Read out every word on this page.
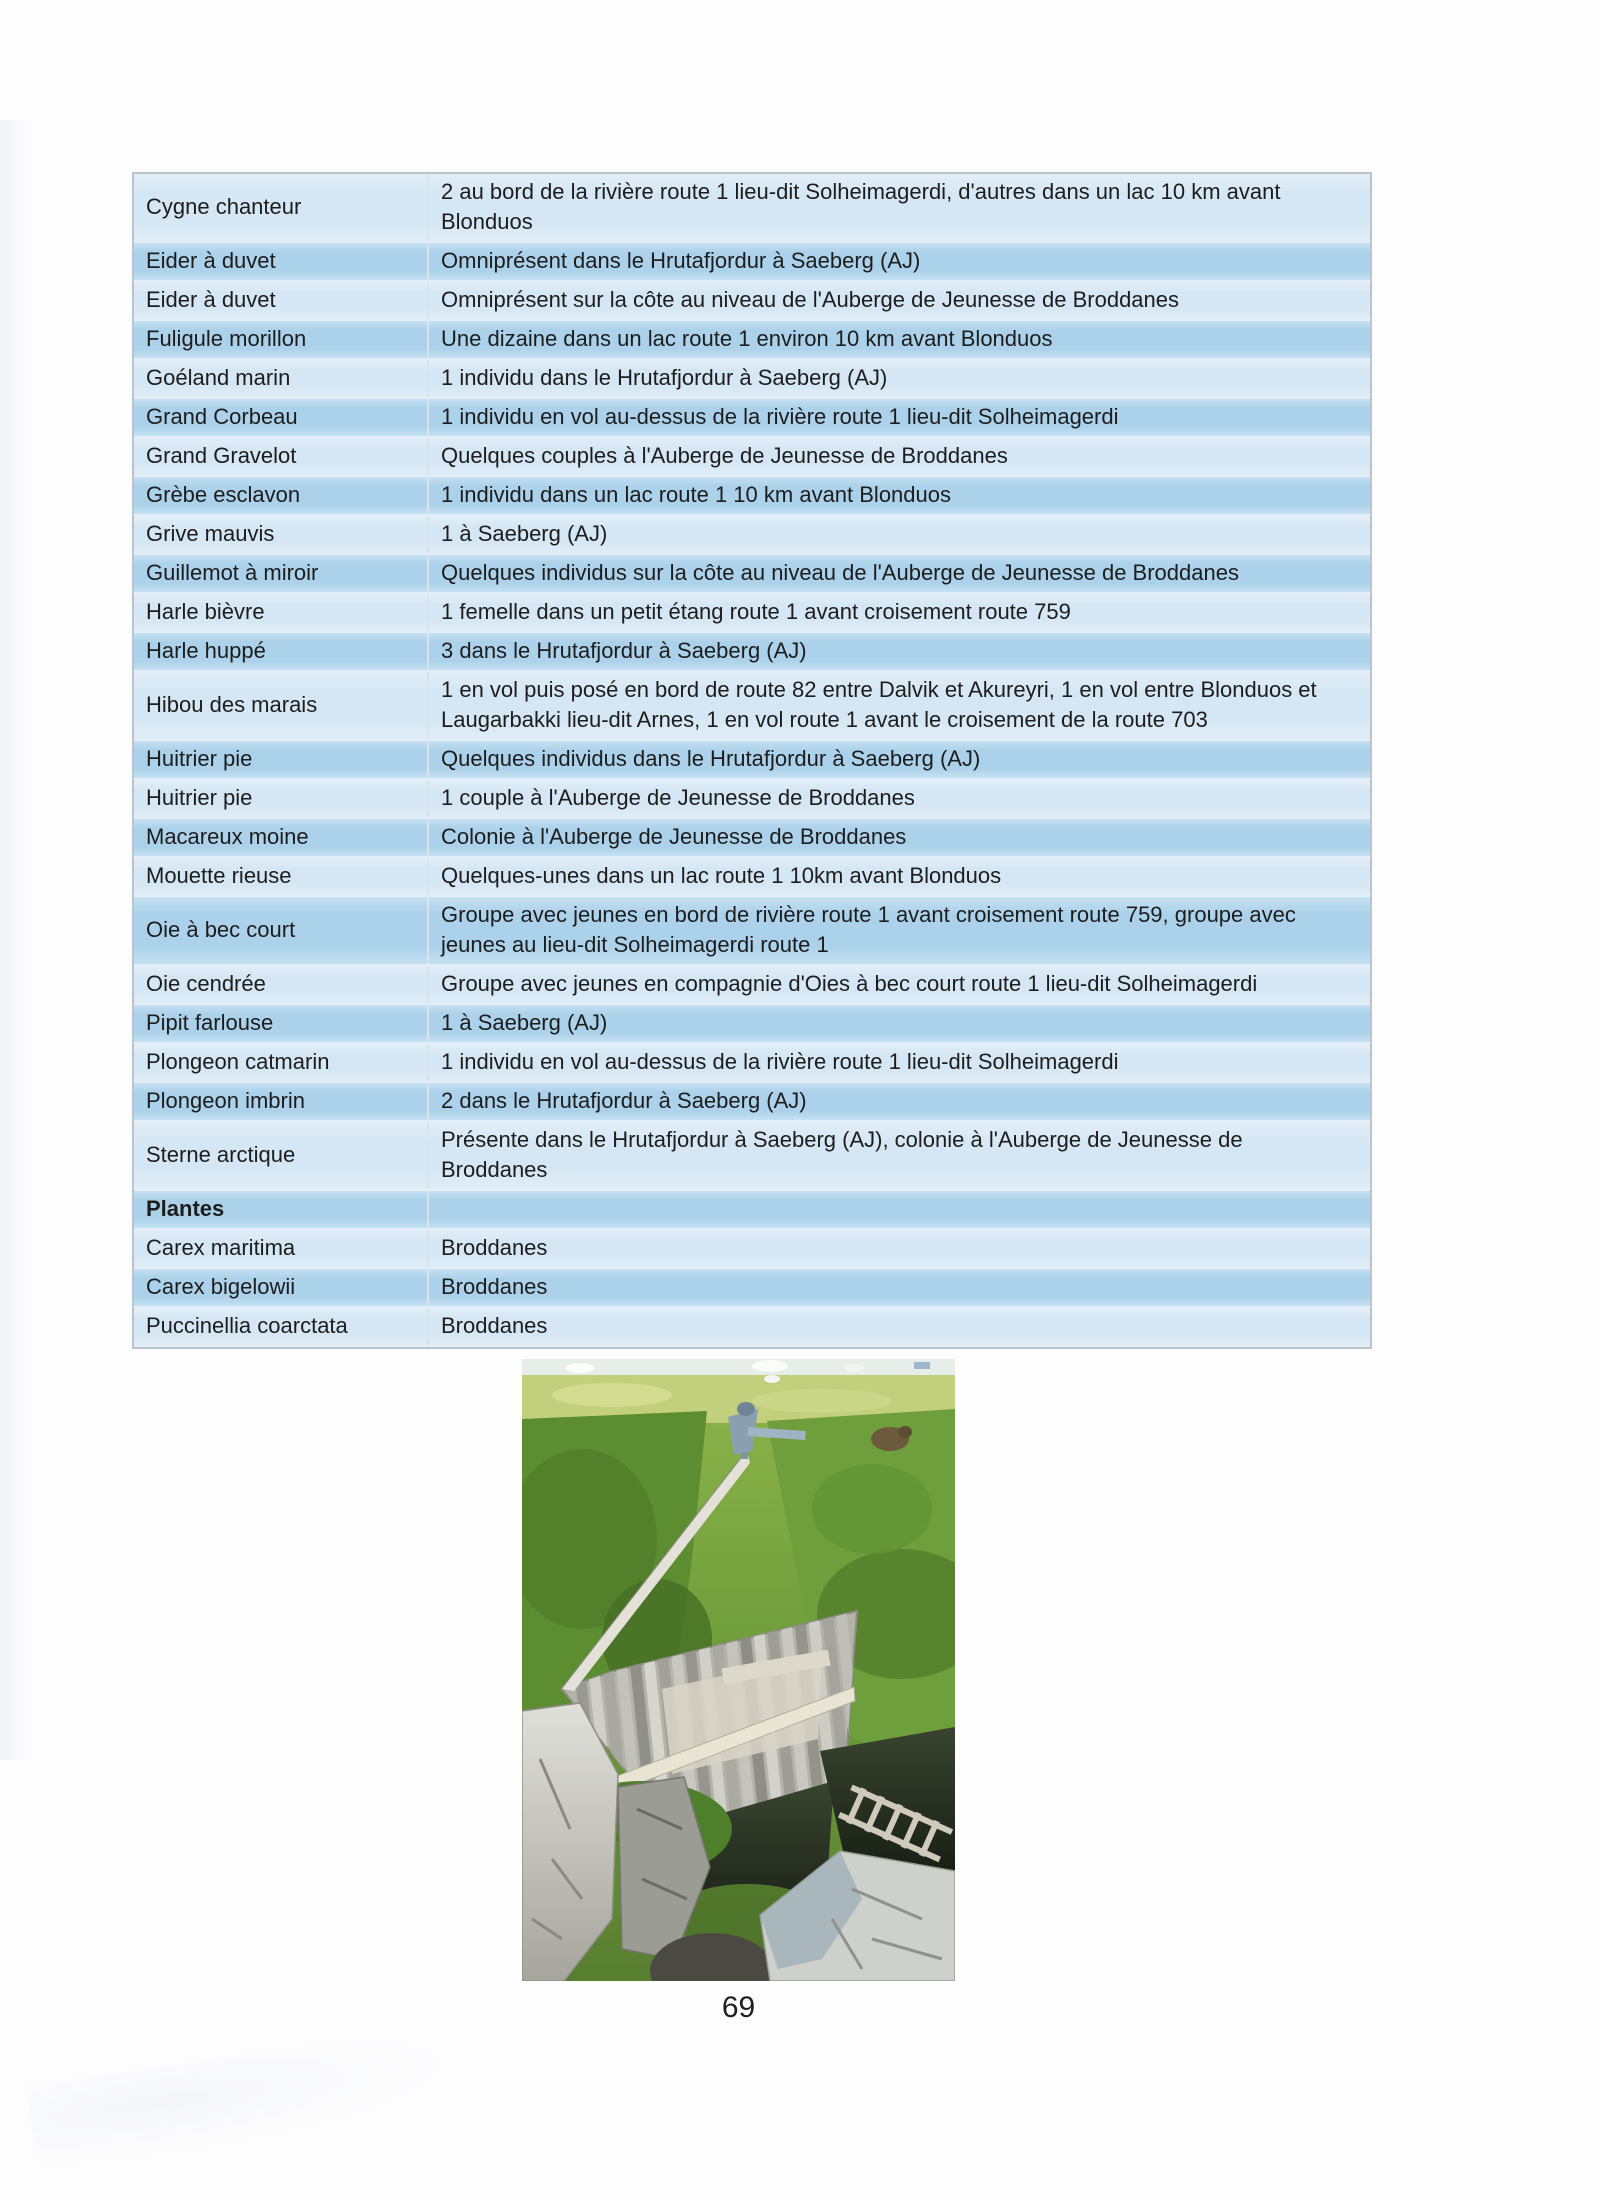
Cygne chanteur	2 au bord de la rivière route 1 lieu-dit Solheimagerdi, d'autres dans un lac 10 km avant Blonduos
Eider à duvet	Omniprésent dans le Hrutafjordur à Saeberg (AJ)
Eider à duvet	Omniprésent sur la côte au niveau de l'Auberge de Jeunesse de Broddanes
Fuligule morillon	Une dizaine dans un lac route 1 environ 10 km avant Blonduos
Goéland marin	1 individu dans le Hrutafjordur à Saeberg (AJ)
Grand Corbeau	1 individu en vol au-dessus de la rivière route 1 lieu-dit Solheimagerdi
Grand Gravelot	Quelques couples à l'Auberge de Jeunesse de Broddanes
Grèbe esclavon	1 individu dans un lac route 1 10 km avant Blonduos
Grive mauvis	1 à Saeberg (AJ)
Guillemot à miroir	Quelques individus sur la côte au niveau de l'Auberge de Jeunesse de Broddanes
Harle bièvre	1 femelle dans un petit étang route 1 avant croisement route 759
Harle huppé	3 dans le Hrutafjordur à Saeberg (AJ)
Hibou des marais	1 en vol puis posé en bord de route 82 entre Dalvik et Akureyri, 1 en vol entre Blonduos et Laugarbakki lieu-dit Arnes, 1 en vol route 1 avant le croisement de la route 703
Huitrier pie	Quelques individus dans le Hrutafjordur à Saeberg (AJ)
Huitrier pie	1 couple à l'Auberge de Jeunesse de Broddanes
Macareux moine	Colonie à l'Auberge de Jeunesse de Broddanes
Mouette rieuse	Quelques-unes dans un lac route 1 10km avant Blonduos
Oie à bec court	Groupe avec jeunes en bord de rivière route 1 avant croisement route 759, groupe avec jeunes au lieu-dit Solheimagerdi route 1
Oie cendrée	Groupe avec jeunes en compagnie d'Oies à bec court route 1 lieu-dit Solheimagerdi
Pipit farlouse	1 à Saeberg (AJ)
Plongeon catmarin	1 individu en vol au-dessus de la rivière route 1 lieu-dit Solheimagerdi
Plongeon imbrin	2 dans le Hrutafjordur à Saeberg (AJ)
Sterne arctique	Présente dans le Hrutafjordur à Saeberg (AJ), colonie à l'Auberge de Jeunesse de Broddanes
Plantes	
Carex maritima	Broddanes
Carex bigelowii	Broddanes
Puccinellia coarctata	Broddanes
69
